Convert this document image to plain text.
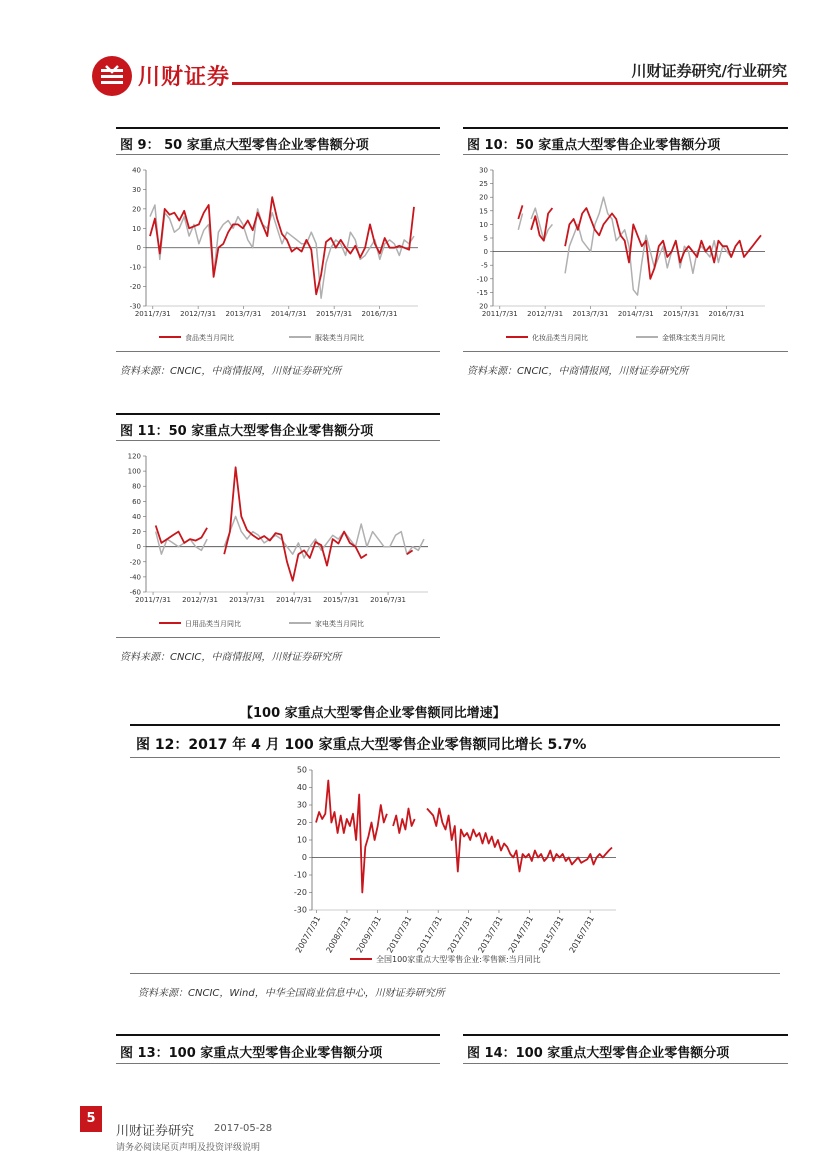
川财证券	川财证券研究/行业研究
图 9： 50 家重点大型零售企业零售额分项
40
30
20
10
0
-10
-20
-30
2011/7/31 2012/7/31 2013/7/31 2014/7/31 2015/7/31 2016/7/31
食品类当月同比	服装类当月同比
资料来源：CNCIC，中商情报网，川财证券研究所
图 10：50 家重点大型零售企业零售额分项
30
25
20
15
10
5
0
-5
-10
-15
20
2011/7/31 2012/7/31 2013/7/31 2014/7/31 2015/7/31 2016/7/31
化妆品类当月同比	金银珠宝类当月同比
资料来源：CNCIC，中商情报网，川财证券研究所
图 11：50 家重点大型零售企业零售额分项
120
100
80
60
40
20
0
-20
-40
-60
2011/7/31 2012/7/31 2013/7/31 2014/7/31 2015/7/31 2016/7/31
日用品类当月同比	家电类当月同比
资料来源：CNCIC，中商情报网，川财证券研究所
【100 家重点大型零售企业零售额同比增速】
图 12：2017 年 4 月 100 家重点大型零售企业零售额同比增长 5.7%
50
40
30
20
10
0
-10
-20
-30
2007/7/31 2008/7/31 2009/7/31 2010/7/31 2011/7/31 2012/7/31 2013/7/31 2014/7/31 2015/7/31 2016/7/31
全国100家重点大型零售企业:零售额:当月同比
资料来源：CNCIC，Wind，中华全国商业信息中心，川财证券研究所
图 13：100 家重点大型零售企业零售额分项	图 14：100 家重点大型零售企业零售额分项
5
川财证券研究 2017-05-28
请务必阅读尾页声明及投资评级说明
